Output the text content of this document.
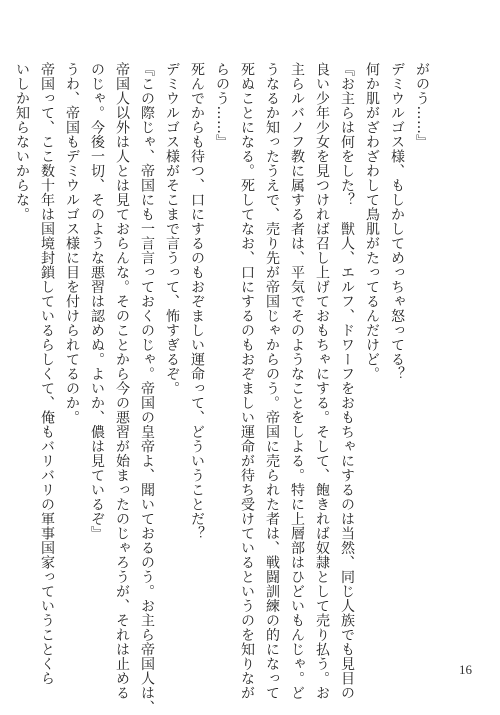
がのう……』
デミウルゴス様、もしかしてめっちゃ怒ってる？
何か肌がざわざわして鳥肌がたってるんだけど。
『お主らは何をした？　獣人、エルフ、ドワーフをおもちゃにするのは当然、同じ人族でも見目の
良い少年少女を見つければ召し上げておもちゃにする。そして、飽きれば奴隷として売り払う。お
主らルバノフ教に属する者は、平気でそのようなことをしよる。特に上層部はひどいもんじゃ。ど
うなるか知ったうえで、売り先が帝国じゃからのう。帝国に売られた者は、戦闘訓練の的になって
死ぬことになる。死してなお、口にするのもおぞましい運命が待ち受けているというのを知りなが
らのう……』
死んでからも待つ、口にするのもおぞましい運命って、どういうことだ？
デミウルゴス様がそこまで言うって、怖すぎるぞ。
『この際じゃ、帝国にも一言言っておくのじゃ。帝国の皇帝よ、聞いておるのう。お主ら帝国人は、
帝国人以外は人とは見ておらんな。そのことから今の悪習が始まったのじゃろうが、それは止める
のじゃ。今後一切、そのような悪習は認めぬ。よいか、儂は見ているぞ』
うわ、帝国もデミウルゴス様に目を付けられてるのか。
帝国って、ここ数十年は国境封鎖しているらしくて、俺もバリバリの軍事国家っていうことくら
いしか知らないからな。
16
